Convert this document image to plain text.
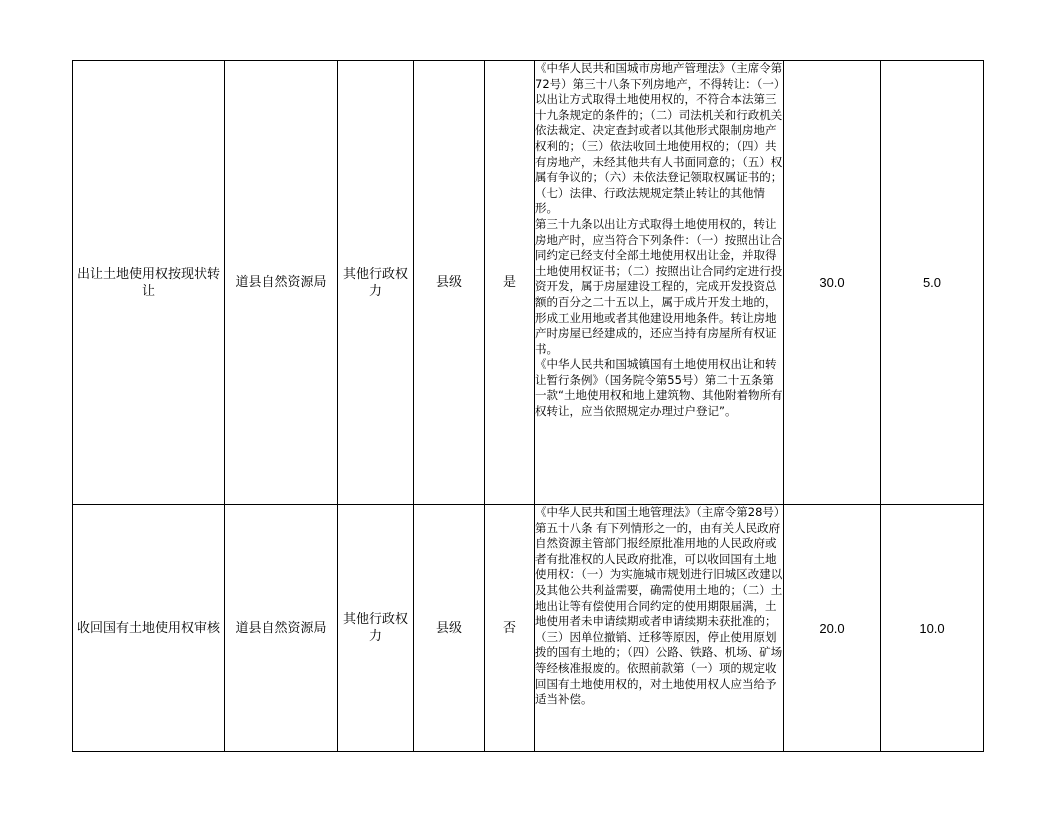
出让土地使用权按现状转让	道县自然资源局	其他行政权力	县级	是	《中华人民共和国城市房地产管理法》（主席令第72号）第三十八条下列房地产，不得转让：（一）以出让方式取得土地使用权的，不符合本法第三十九条规定的条件的；（二）司法机关和行政机关依法裁定、决定查封或者以其他形式限制房地产权利的；（三）依法收回土地使用权的；（四）共有房地产，未经其他共有人书面同意的；（五）权属有争议的；（六）未依法登记领取权属证书的；（七）法律、行政法规规定禁止转让的其他情形。
第三十九条以出让方式取得土地使用权的，转让房地产时，应当符合下列条件：（一）按照出让合同约定已经支付全部土地使用权出让金，并取得土地使用权证书；（二）按照出让合同约定进行投资开发，属于房屋建设工程的，完成开发投资总额的百分之二十五以上，属于成片开发土地的，形成工业用地或者其他建设用地条件。转让房地产时房屋已经建成的，还应当持有房屋所有权证书。
《中华人民共和国城镇国有土地使用权出让和转让暂行条例》（国务院令第55号）第二十五条第一款“土地使用权和地上建筑物、其他附着物所有权转让，应当依照规定办理过户登记”。	30.0	5.0
收回国有土地使用权审核	道县自然资源局	其他行政权力	县级	否	《中华人民共和国土地管理法》（主席令第28号）第五十八条 有下列情形之一的，由有关人民政府自然资源主管部门报经原批准用地的人民政府或者有批准权的人民政府批准，可以收回国有土地使用权：（一）为实施城市规划进行旧城区改建以及其他公共利益需要，确需使用土地的；（二）土地出让等有偿使用合同约定的使用期限届满，土地使用者未申请续期或者申请续期未获批准的；（三）因单位撤销、迁移等原因，停止使用原划拨的国有土地的；（四）公路、铁路、机场、矿场等经核准报废的。依照前款第（一）项的规定收回国有土地使用权的，对土地使用权人应当给予适当补偿。	20.0	10.0
